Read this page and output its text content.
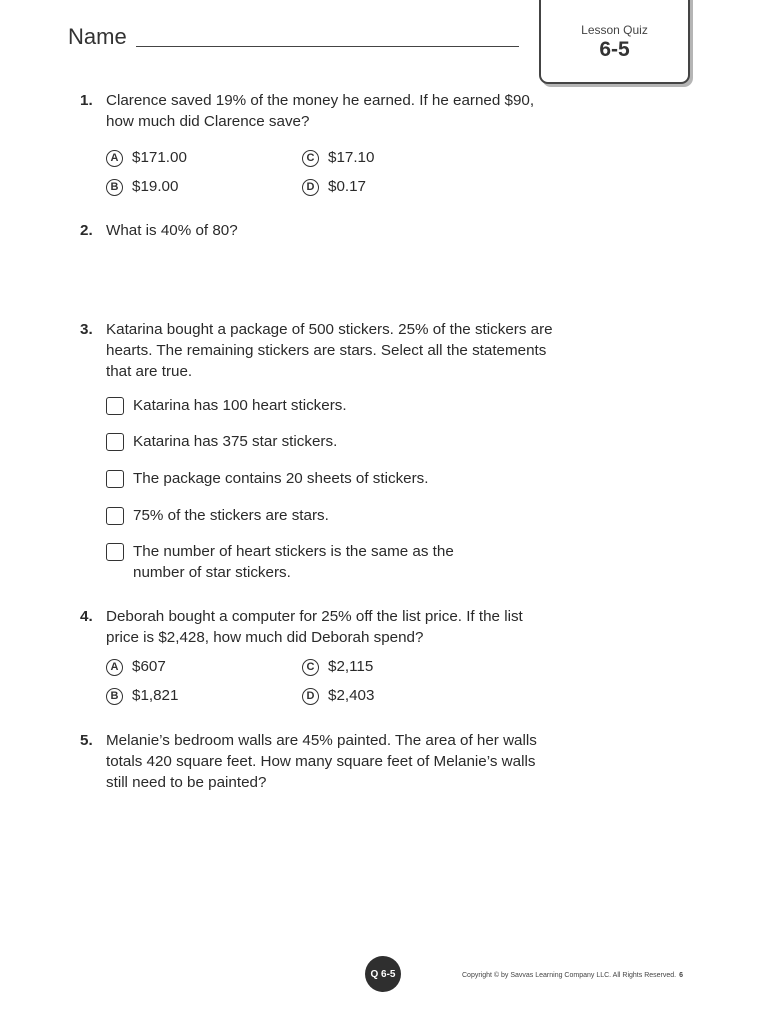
Name	Lesson Quiz
6-5
1. Clarence saved 19% of the money he earned. If he earned $90, how much did Clarence save?
A $171.00
B $19.00
C $17.10
D $0.17
2. What is 40% of 80?
3. Katarina bought a package of 500 stickers. 25% of the stickers are hearts. The remaining stickers are stars. Select all the statements that are true.
Katarina has 100 heart stickers.
Katarina has 375 star stickers.
The package contains 20 sheets of stickers.
75% of the stickers are stars.
The number of heart stickers is the same as the number of star stickers.
4. Deborah bought a computer for 25% off the list price. If the list price is $2,428, how much did Deborah spend?
A $607
B $1,821
C $2,115
D $2,403
5. Melanie’s bedroom walls are 45% painted. The area of her walls totals 420 square feet. How many square feet of Melanie’s walls still need to be painted?
Q 6-5	Copyright © by Savvas Learning Company LLC. All Rights Reserved. 6
